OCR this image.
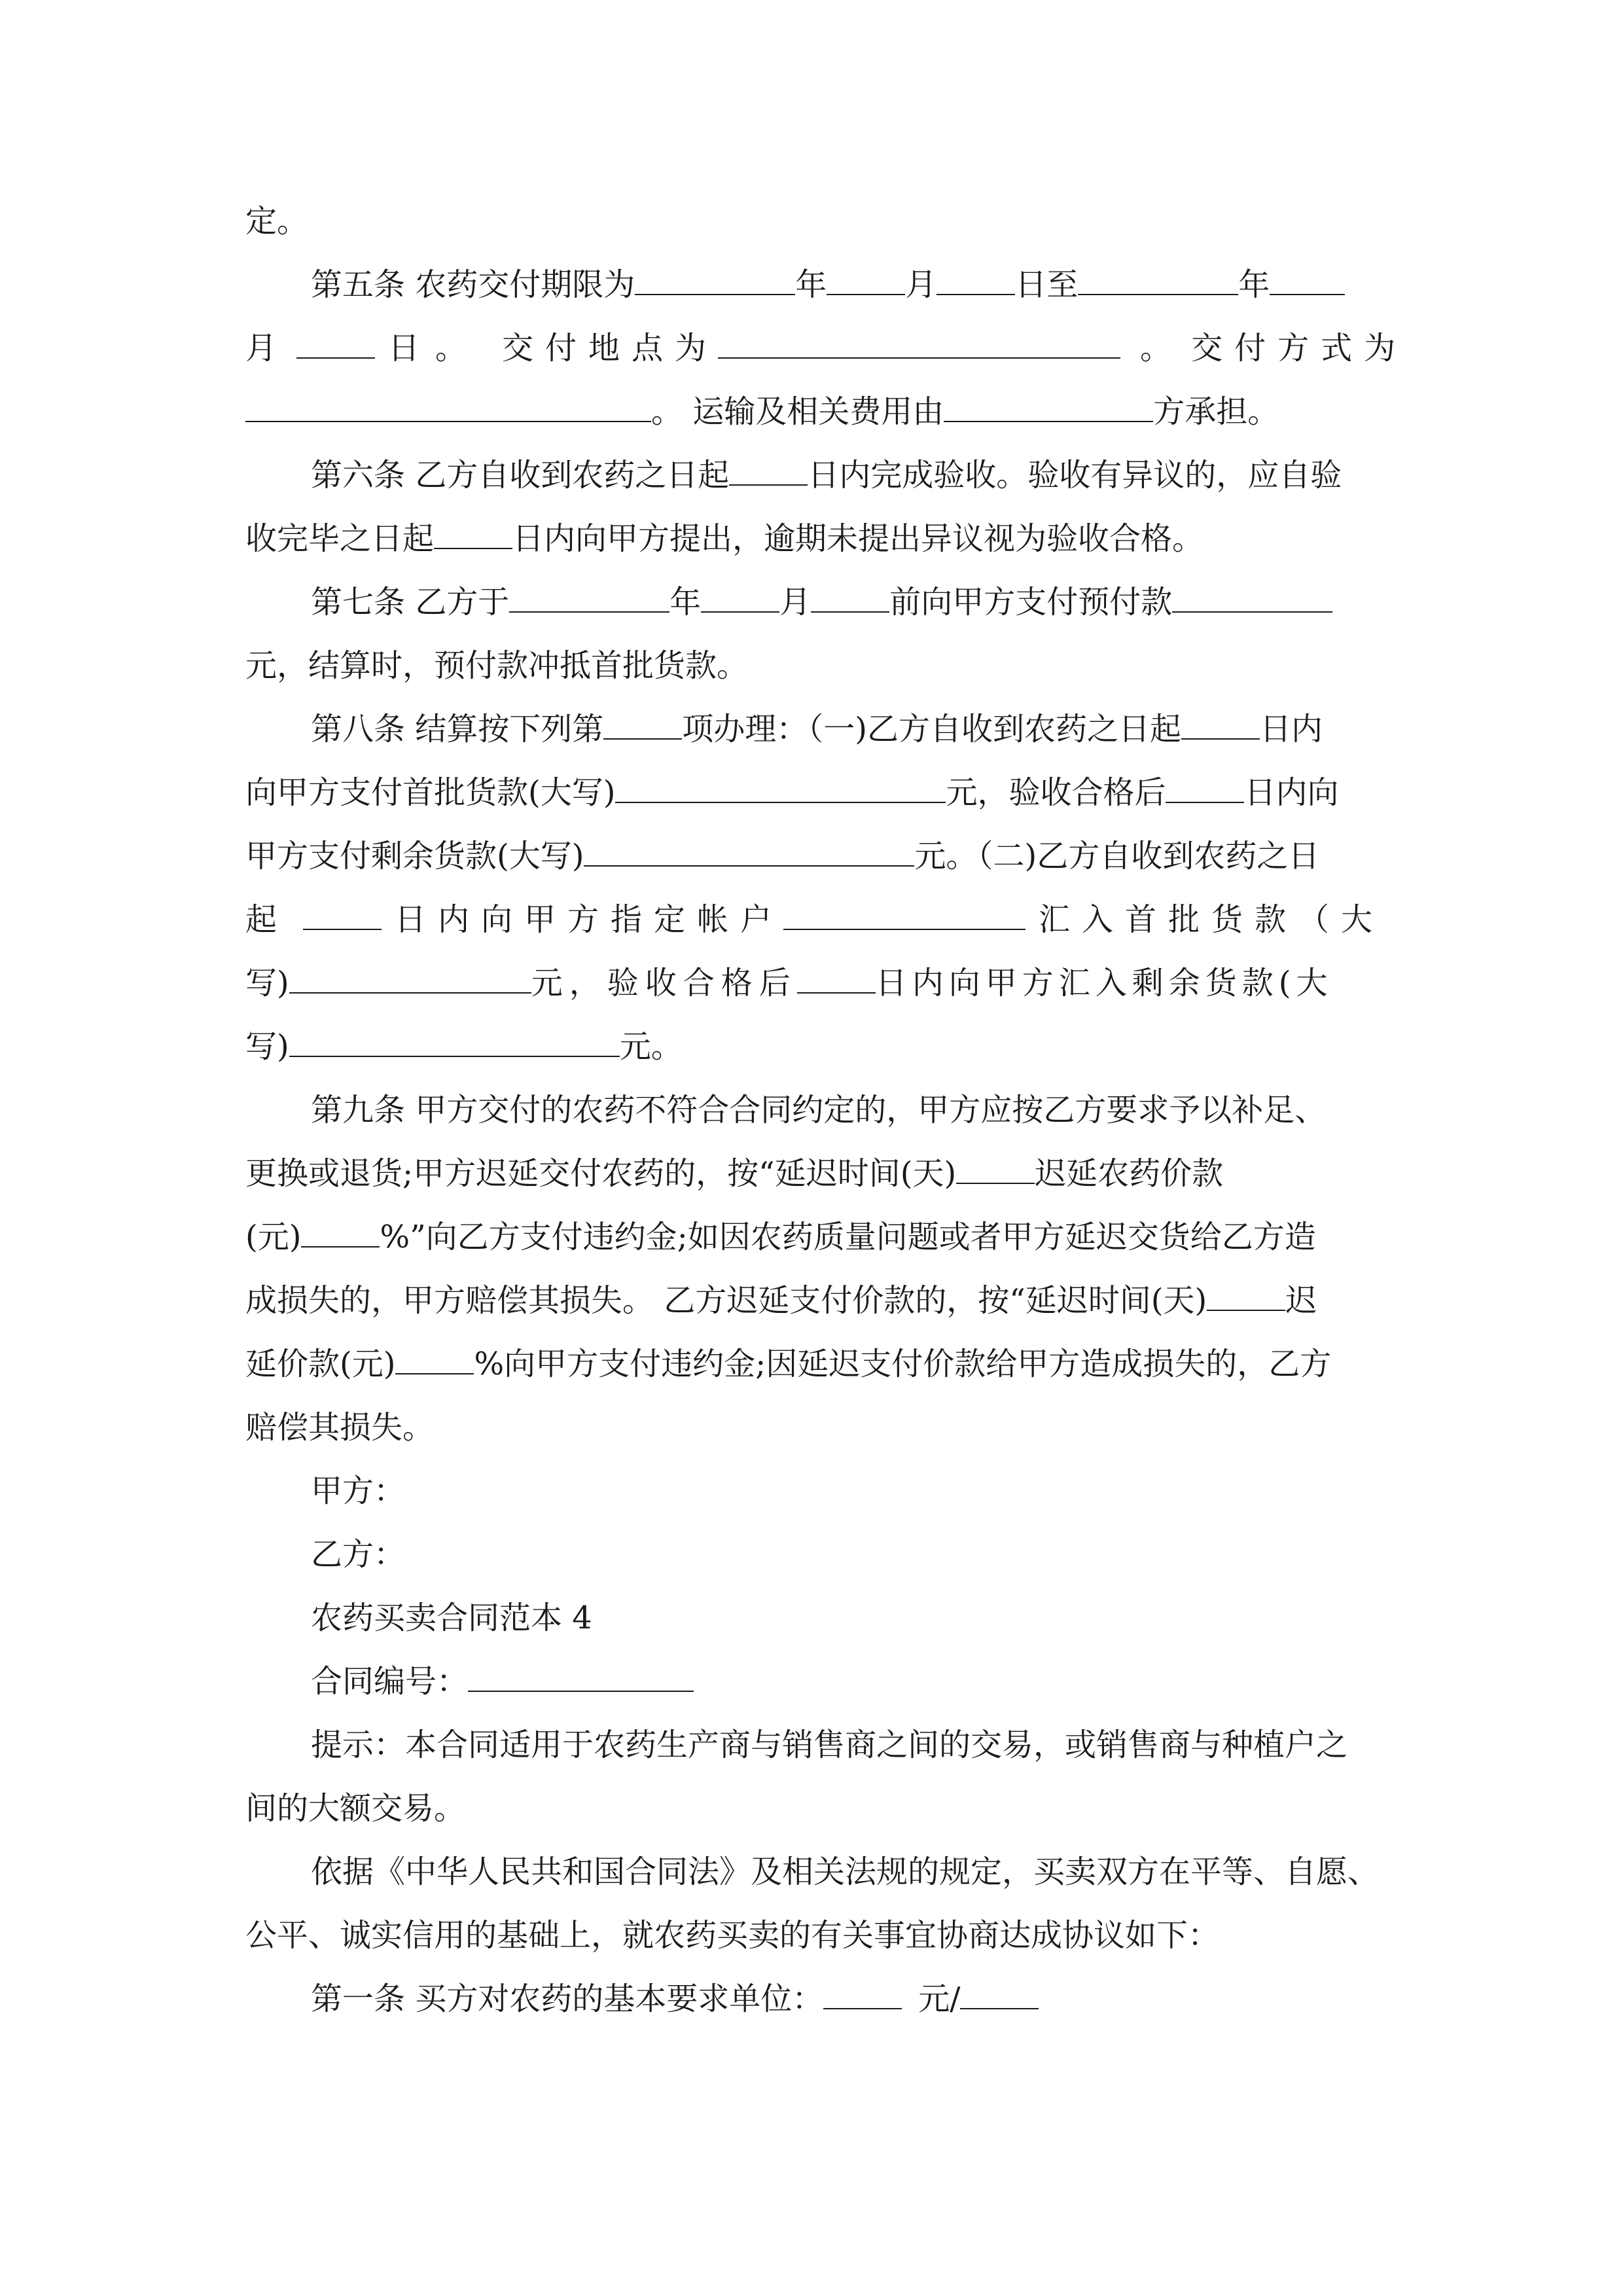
定。
第五条 农药交付期限为	年	月	日至	年
月	日。 交付地点为	。 交付方式为
。 运输及相关费用由	方承担。
第六条 乙方自收到农药之日起	日内完成验收。验收有异议的，应自验
收完毕之日起	日内向甲方提出，逾期未提出异议视为验收合格。
第七条 乙方于	年	月	前向甲方支付预付款
元，结算时，预付款冲抵首批货款。
第八条 结算按下列第	项办理：（一)乙方自收到农药之日起	日内
向甲方支付首批货款(大写)	元，验收合格后	日内向
甲方支付剩余货款(大写)	元。（二)乙方自收到农药之日
起	日内向甲方指定帐户	汇入首批货款（大
写)	元，验收合格后	日内向甲方汇入剩余货款(大
写)	元。
第九条 甲方交付的农药不符合合同约定的，甲方应按乙方要求予以补足、
更换或退货;甲方迟延交付农药的，按“延迟时间(天)	迟延农药价款
(元)	%”向乙方支付违约金;如因农药质量问题或者甲方延迟交货给乙方造
成损失的，甲方赔偿其损失。 乙方迟延支付价款的，按“延迟时间(天)	迟
延价款(元)	%向甲方支付违约金;因延迟支付价款给甲方造成损失的，乙方
赔偿其损失。
甲方：
乙方：
农药买卖合同范本 4
合同编号：
提示：本合同适用于农药生产商与销售商之间的交易，或销售商与种植户之
间的大额交易。
依据《中华人民共和国合同法》及相关法规的规定，买卖双方在平等、自愿、
公平、诚实信用的基础上，就农药买卖的有关事宜协商达成协议如下：
第一条 买方对农药的基本要求单位：	元/
